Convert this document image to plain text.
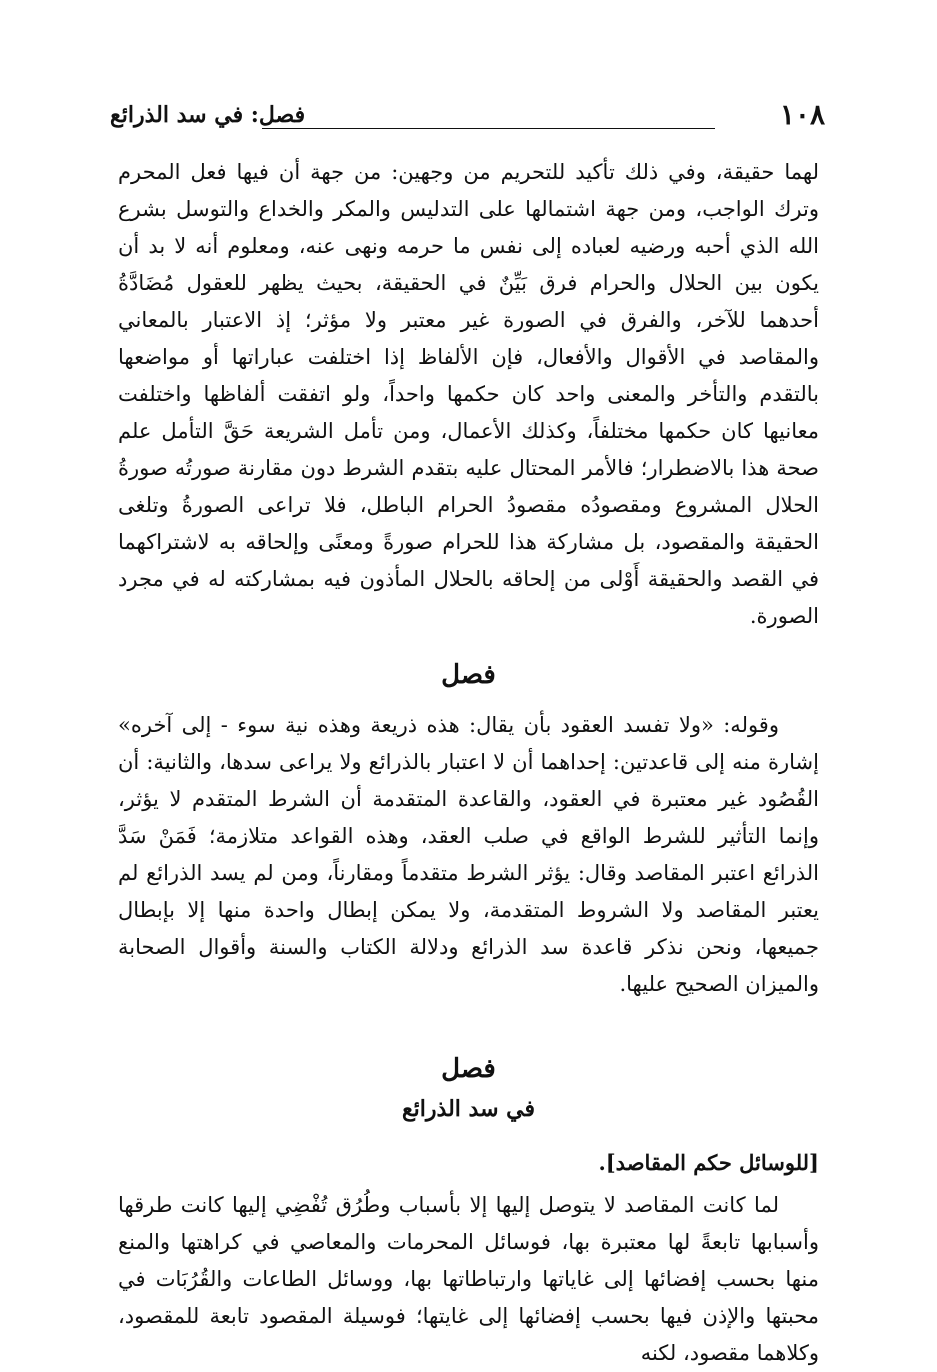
١٠٨
فصل: في سد الذرائع

لهما حقيقة، وفي ذلك تأكيد للتحريم من وجهين: من جهة أن فيها فعل المحرم وترك الواجب، ومن جهة اشتمالها على التدليس والمكر والخداع والتوسل بشرع الله الذي أحبه ورضيه لعباده إلى نفس ما حرمه ونهى عنه، ومعلوم أنه لا بد أن يكون بين الحلال والحرام فرق بَيِّنٌ في الحقيقة، بحيث يظهر للعقول مُضَادَّةُ أحدهما للآخر، والفرق في الصورة غير معتبر ولا مؤثر؛ إذ الاعتبار بالمعاني والمقاصد في الأقوال والأفعال، فإن الألفاظ إذا اختلفت عباراتها أو مواضعها بالتقدم والتأخر والمعنى واحد كان حكمها واحداً، ولو اتفقت ألفاظها واختلفت معانيها كان حكمها مختلفاً، وكذلك الأعمال، ومن تأمل الشريعة حَقَّ التأمل علم صحة هذا بالاضطرار؛ فالأمر المحتال عليه بتقدم الشرط دون مقارنة صورتُه صورةُ الحلال المشروع ومقصودُه مقصودُ الحرام الباطل، فلا تراعى الصورةُ وتلغى الحقيقة والمقصود، بل مشاركة هذا للحرام صورةً ومعنًى وإلحاقه به لاشتراكهما في القصد والحقيقة أَوْلى من إلحاقه بالحلال المأذون فيه بمشاركته له في مجرد الصورة.

فصل

وقوله: «ولا تفسد العقود بأن يقال: هذه ذريعة وهذه نية سوء - إلى آخره» إشارة منه إلى قاعدتين: إحداهما أن لا اعتبار بالذرائع ولا يراعى سدها، والثانية: أن القُصُود غير معتبرة في العقود، والقاعدة المتقدمة أن الشرط المتقدم لا يؤثر، وإنما التأثير للشرط الواقع في صلب العقد، وهذه القواعد متلازمة؛ فَمَنْ سَدَّ الذرائع اعتبر المقاصد وقال: يؤثر الشرط متقدماً ومقارناً، ومن لم يسد الذرائع لم يعتبر المقاصد ولا الشروط المتقدمة، ولا يمكن إبطال واحدة منها إلا بإبطال جميعها، ونحن نذكر قاعدة سد الذرائع ودلالة الكتاب والسنة وأقوال الصحابة والميزان الصحيح عليها.

فصل
في سد الذرائع

[للوسائل حكم المقاصد].

لما كانت المقاصد لا يتوصل إليها إلا بأسباب وطُرُق تُفْضِي إليها كانت طرقها وأسبابها تابعةً لها معتبرة بها، فوسائل المحرمات والمعاصي في كراهتها والمنع منها بحسب إفضائها إلى غاياتها وارتباطاتها بها، ووسائل الطاعات والقُرُبَات في محبتها والإذن فيها بحسب إفضائها إلى غايتها؛ فوسيلة المقصود تابعة للمقصود، وكلاهما مقصود، لكنه
